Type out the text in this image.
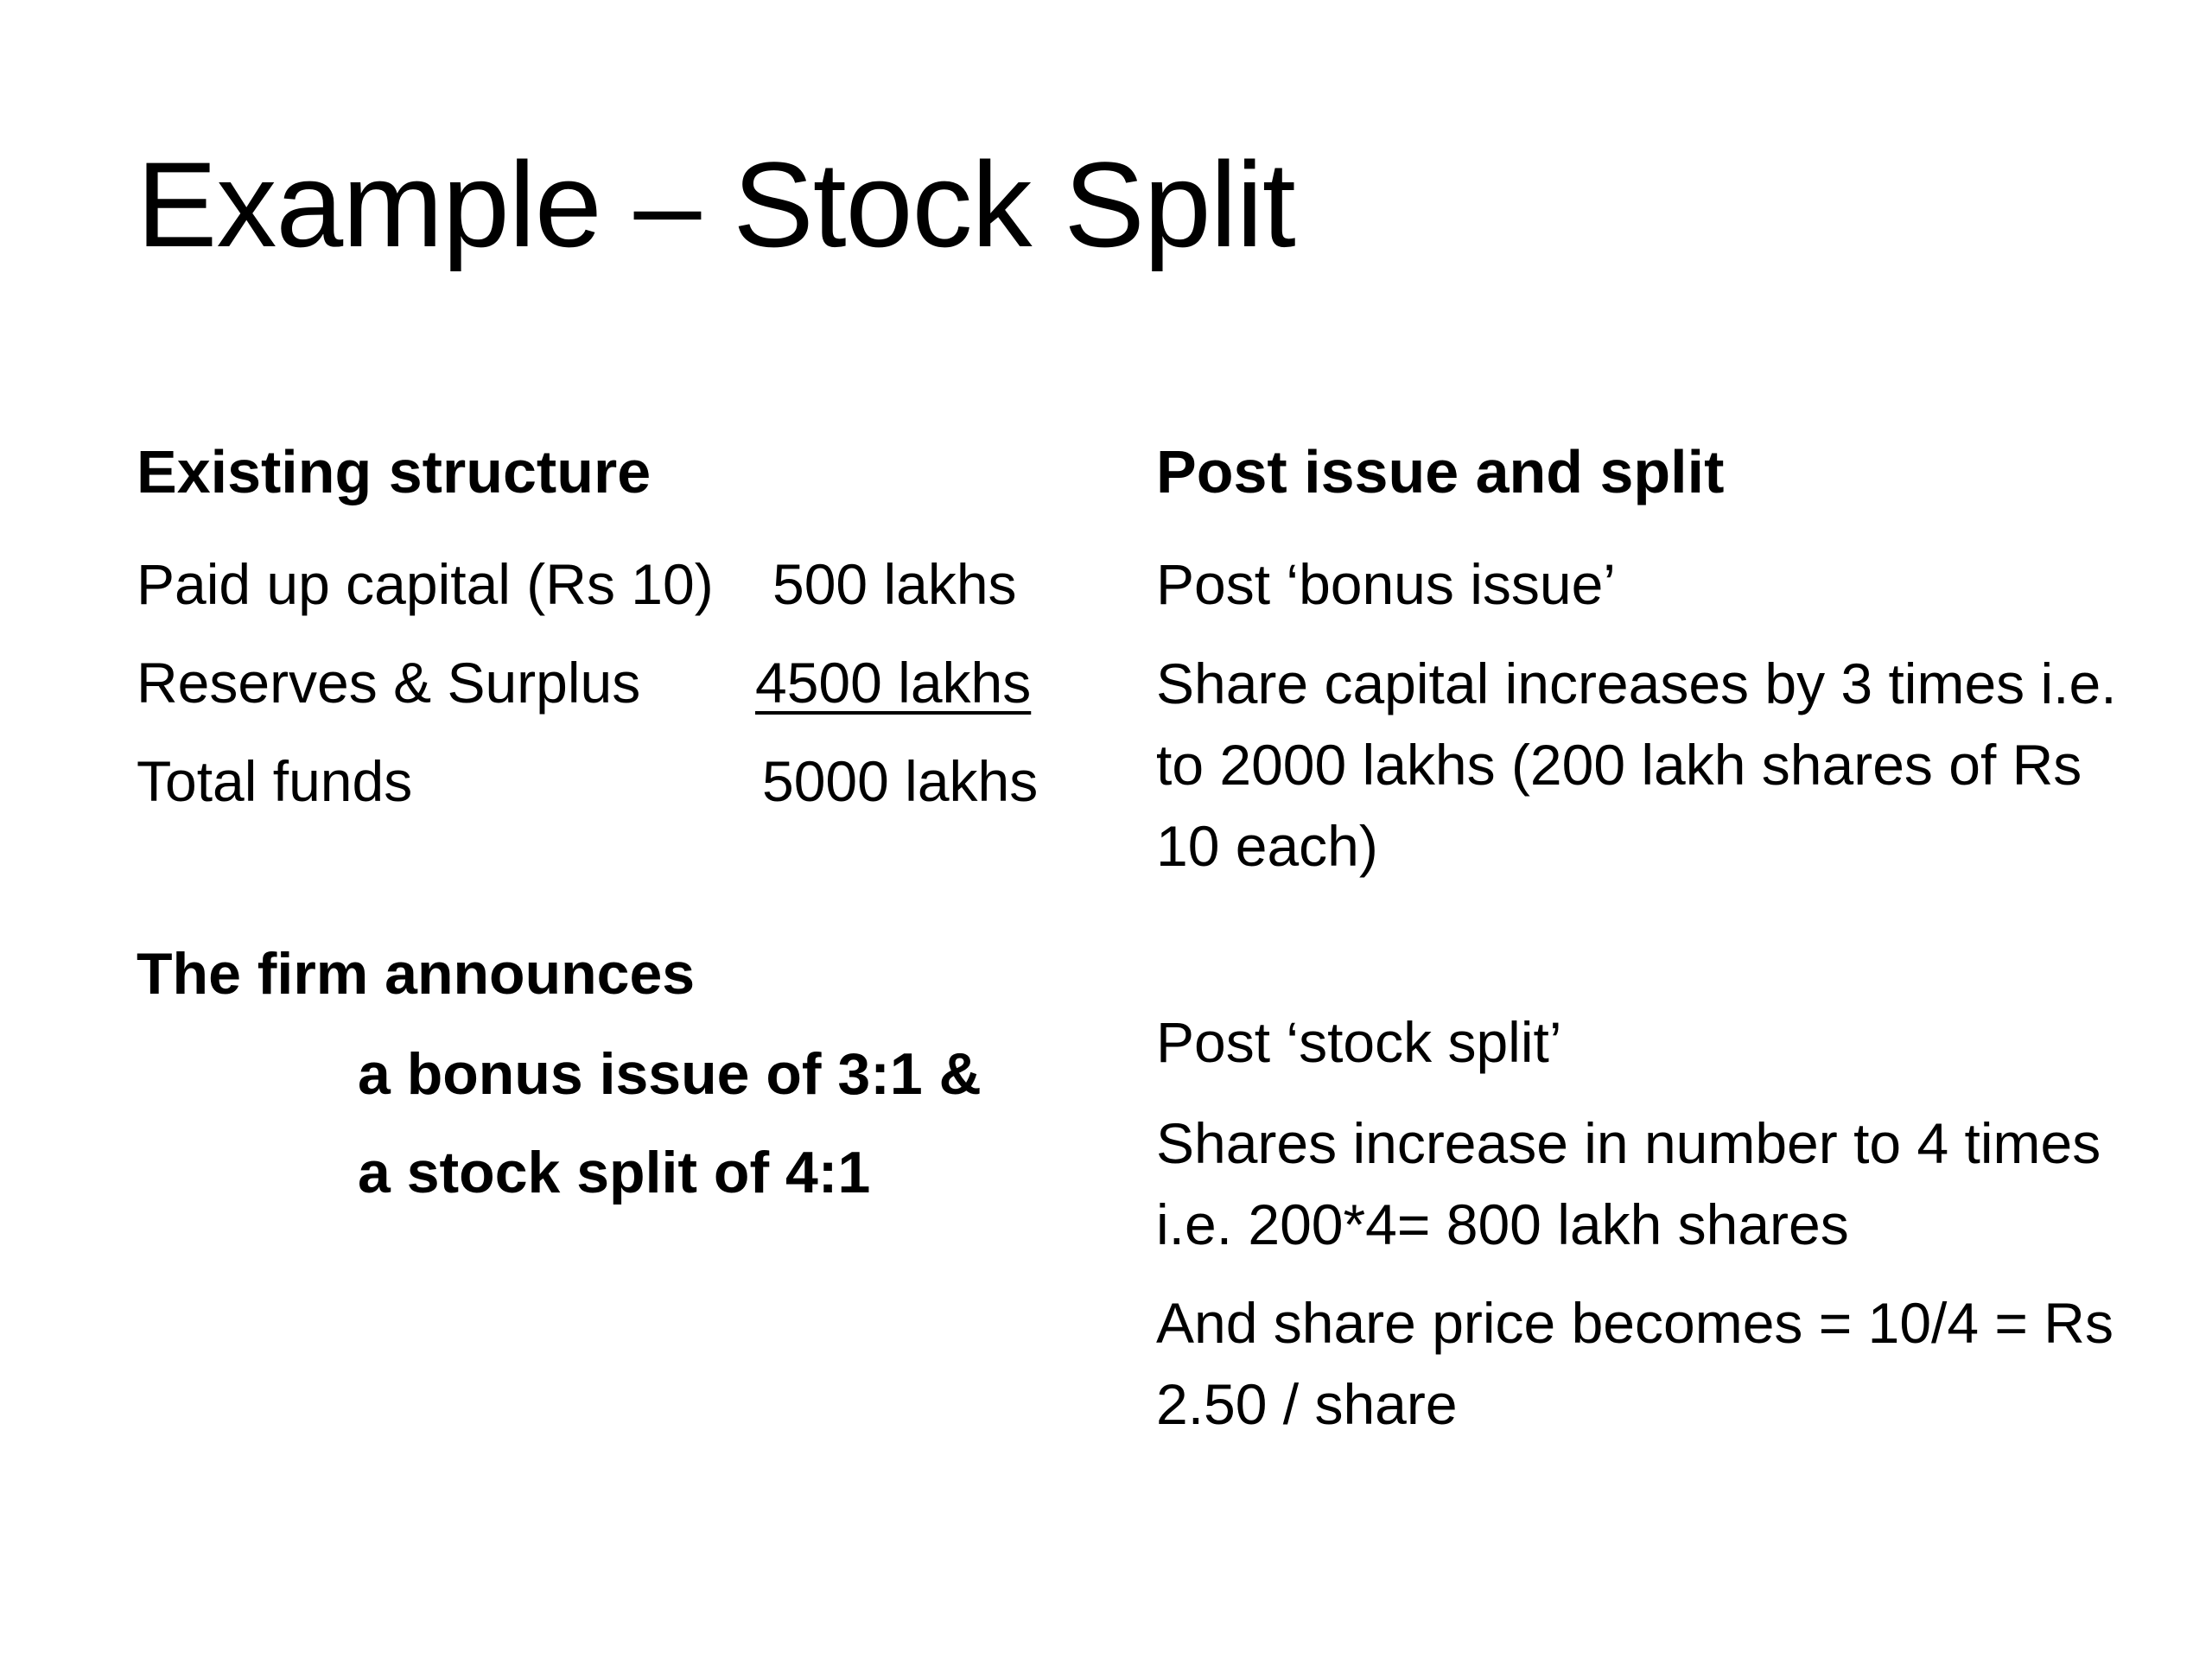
Example – Stock Split
Existing structure
Paid up capital (Rs 10) 500 lakhs
Reserves & Surplus 4500 lakhs
Total funds	5000 lakhs
The firm announces
a bonus issue of 3:1 &
a stock split of 4:1
Post issue and split
Post ‘bonus issue’
Share capital increases by 3 times i.e. to 2000 lakhs (200 lakh shares of Rs 10 each)
Post ‘stock split’
Shares increase in number to 4 times i.e. 200*4= 800 lakh shares
And share price becomes = 10/4 = Rs 2.50 / share
